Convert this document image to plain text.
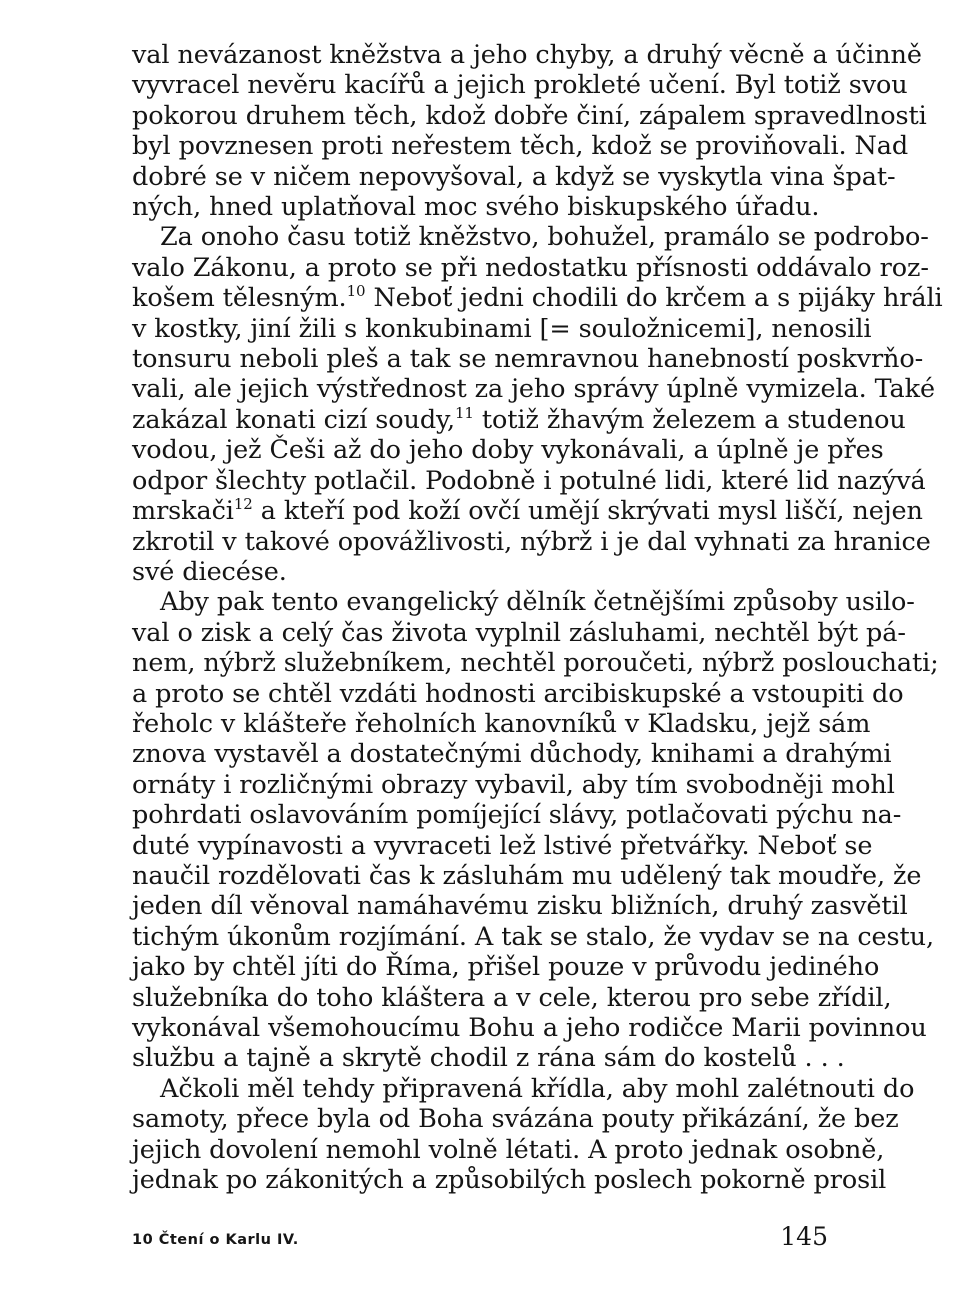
val nevázanost kněžstva a jeho chyby, a druhý věcně a účinně
vyvracel nevěru kacířů a jejich prokleté učení. Byl totiž svou
pokorou druhem těch, kdož dobře činí, zápalem spravedlnosti
byl povznesen proti neřestem těch, kdož se proviňovali. Nad
dobré se v ničem nepovyšoval, a když se vyskytla vina špat-
ných, hned uplatňoval moc svého biskupského úřadu.

Za onoho času totiž kněžstvo, bohužel, pramálo se podrobo-
valo Zákonu, a proto se při nedostatku přísnosti oddávalo roz-
košem tělesným.$^{10}$ Neboť jedni chodili do krčem a s pijáky hráli
v kostky, jiní žili s konkubinami [= souložnicemi], nenosili
tonsuru neboli pleš a tak se nemravnou hanebností poskvrňo-
vali, ale jejich výstřednost za jeho správy úplně vymizela. Také
zakázal konati cizí soudy,$^{11}$ totiž žhavým železem a studenou
vodou, jež Češi až do jeho doby vykonávali, a úplně je přes
odpor šlechty potlačil. Podobně i potulné lidi, které lid nazývá
mrskači$^{12}$ a kteří pod koží ovčí umějí skrývati mysl liščí, nejen
zkrotil v takové opovážlivosti, nýbrž i je dal vyhnati za hranice
své diecése.

Aby pak tento evangelický dělník četnějšími způsoby usilo-
val o zisk a celý čas života vyplnil zásluhami, nechtěl být pá-
nem, nýbrž služebníkem, nechtěl poroučeti, nýbrž poslouchati;
a proto se chtěl vzdáti hodnosti arcibiskupské a vstoupiti do
řeholc v klášteře řeholních kanovníků v Kladsku, jejž sám
znova vystavěl a dostatečnými důchody, knihami a drahými
ornáty i rozličnými obrazy vybavil, aby tím svobodněji mohl
pohrdati oslavováním pomíjející slávy, potlačovati pýchu na-
duté vypínavosti a vyvraceti lež lstivé přetvářky. Neboť se
naučil rozdělovati čas k zásluhám mu udělený tak moudře, že
jeden díl věnoval namáhavému zisku bližních, druhý zasvětil
tichým úkonům rozjímání. A tak se stalo, že vydav se na cestu,
jako by chtěl jíti do Říma, přišel pouze v průvodu jediného
služebníka do toho kláštera a v cele, kterou pro sebe zřídil,
vykonával všemohoucímu Bohu a jeho rodičce Marii povinnou
službu a tajně a skrytě chodil z rána sám do kostelů . . .

Ačkoli měl tehdy připravená křídla, aby mohl zalétnouti do
samoty, přece byla od Boha svázána pouty přikázání, že bez
jejich dovolení nemohl volně létati. A proto jednak osobně,
jednak po zákonitých a způsobilých poslech pokorně prosil

10 Čtení o Karlu IV.	145
